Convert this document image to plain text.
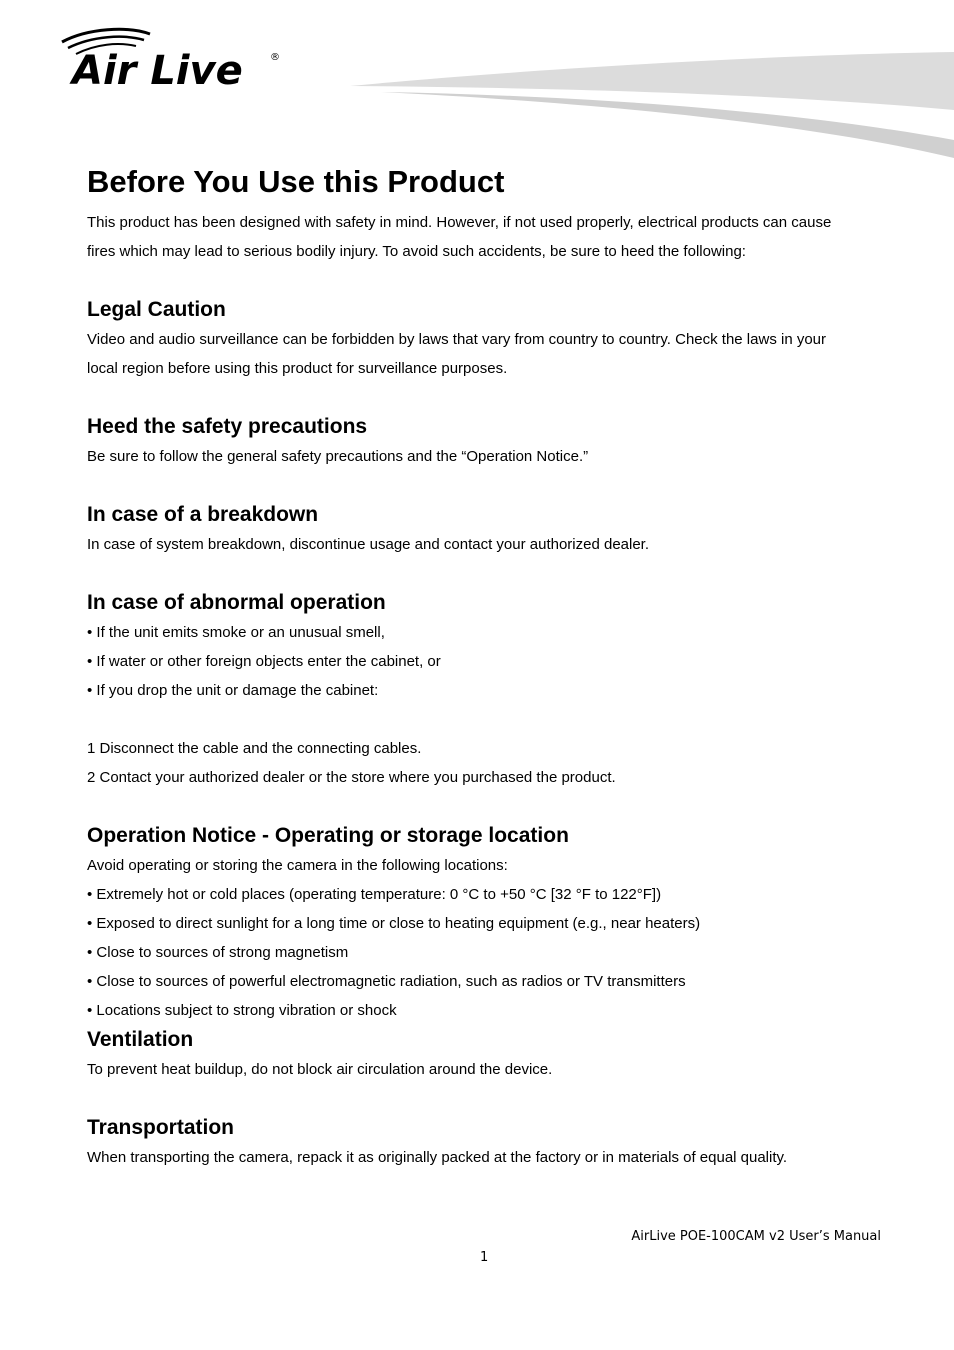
Air Live	®
Before You Use this Product

This product has been designed with safety in mind. However, if not used properly, electrical products can cause

fires which may lead to serious bodily injury. To avoid such accidents, be sure to heed the following:

Legal Caution

Video and audio surveillance can be forbidden by laws that vary from country to country. Check the laws in your

local region before using this product for surveillance purposes.

Heed the safety precautions

Be sure to follow the general safety precautions and the “Operation Notice.”

In case of a breakdown

In case of system breakdown, discontinue usage and contact your authorized dealer.

In case of abnormal operation
• If the unit emits smoke or an unusual smell,
• If water or other foreign objects enter the cabinet, or
• If you drop the unit or damage the cabinet:

1 Disconnect the cable and the connecting cables.

2 Contact your authorized dealer or the store where you purchased the product.

Operation Notice - Operating or storage location

Avoid operating or storing the camera in the following locations:

• Extremely hot or cold places (operating temperature: 0 °C to +50 °C [32 °F to 122°F])
• Exposed to direct sunlight for a long time or close to heating equipment (e.g., near heaters)
• Close to sources of strong magnetism
• Close to sources of powerful electromagnetic radiation, such as radios or TV transmitters
• Locations subject to strong vibration or shock
Ventilation

To prevent heat buildup, do not block air circulation around the device.

Transportation

When transporting the camera, repack it as originally packed at the factory or in materials of equal quality.

AirLive POE-100CAM v2 User’s Manual
1
